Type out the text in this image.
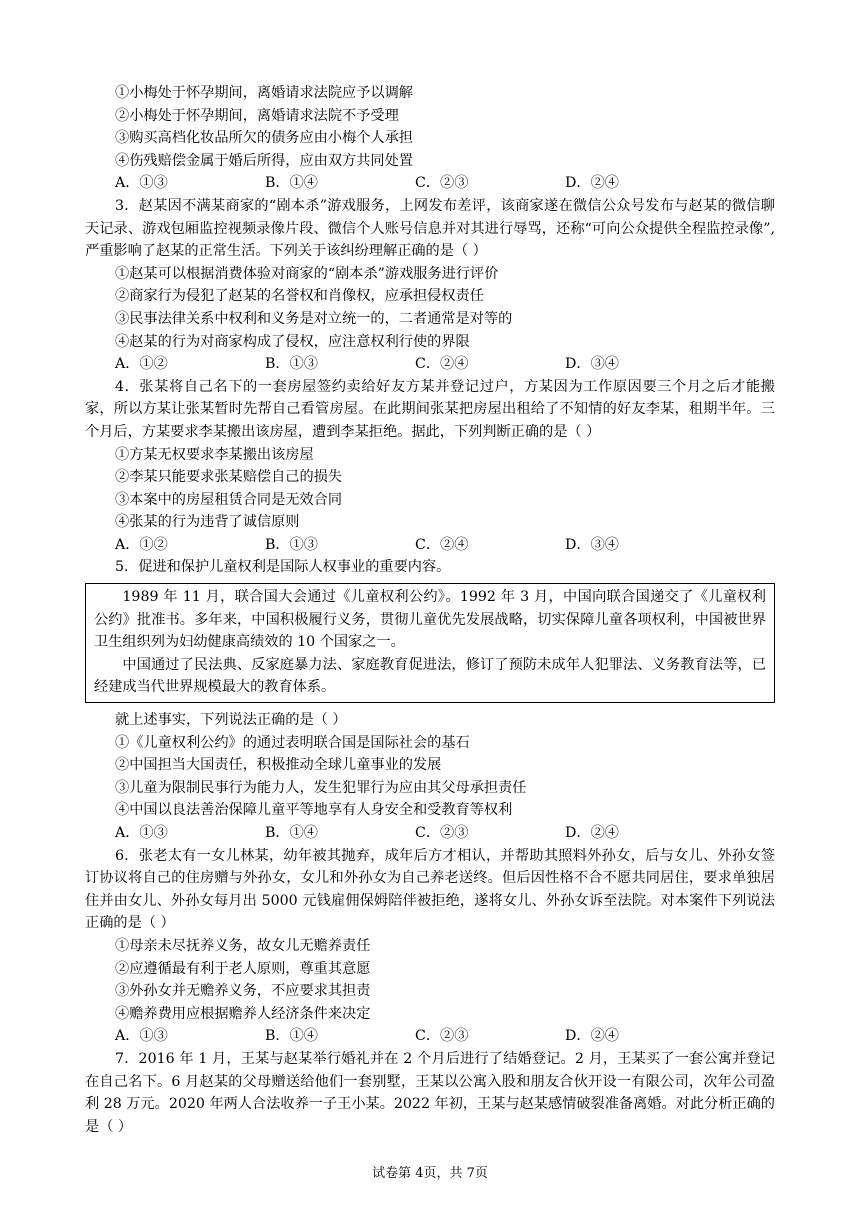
①小梅处于怀孕期间，离婚请求法院应予以调解
②小梅处于怀孕期间，离婚请求法院不予受理
③购买高档化妆品所欠的债务应由小梅个人承担
④伤残赔偿金属于婚后所得，应由双方共同处置
A．①③	B．①④	C．②③	D．②④
3．赵某因不满某商家的“剧本杀”游戏服务，上网发布差评，该商家遂在微信公众号发布与赵某的微信聊天记录、游戏包厢监控视频录像片段、微信个人账号信息并对其进行辱骂，还称“可向公众提供全程监控录像”,严重影响了赵某的正常生活。下列关于该纠纷理解正确的是（ ）
①赵某可以根据消费体验对商家的“剧本杀”游戏服务进行评价
②商家行为侵犯了赵某的名誉权和肖像权，应承担侵权责任
③民事法律关系中权利和义务是对立统一的，二者通常是对等的
④赵某的行为对商家构成了侵权，应注意权利行使的界限
A．①②	B．①③	C．②④	D．③④
4．张某将自己名下的一套房屋签约卖给好友方某并登记过户，方某因为工作原因要三个月之后才能搬家，所以方某让张某暂时先帮自己看管房屋。在此期间张某把房屋出租给了不知情的好友李某，租期半年。三个月后，方某要求李某搬出该房屋，遭到李某拒绝。据此，下列判断正确的是（ ）
①方某无权要求李某搬出该房屋
②李某只能要求张某赔偿自己的损失
③本案中的房屋租赁合同是无效合同
④张某的行为违背了诚信原则
A．①②	B．①③	C．②④	D．③④
5．促进和保护儿童权利是国际人权事业的重要内容。
1989 年 11 月，联合国大会通过《儿童权利公约》。1992 年 3 月，中国向联合国递交了《儿童权利公约》批准书。多年来，中国积极履行义务，贯彻儿童优先发展战略，切实保障儿童各项权利，中国被世界卫生组织列为妇幼健康高绩效的 10 个国家之一。
中国通过了民法典、反家庭暴力法、家庭教育促进法，修订了预防未成年人犯罪法、义务教育法等，已经建成当代世界规模最大的教育体系。
就上述事实，下列说法正确的是（ ）
①《儿童权利公约》的通过表明联合国是国际社会的基石
②中国担当大国责任，积极推动全球儿童事业的发展
③儿童为限制民事行为能力人，发生犯罪行为应由其父母承担责任
④中国以良法善治保障儿童平等地享有人身安全和受教育等权利
A．①③	B．①④	C．②③	D．②④
6．张老太有一女儿林某，幼年被其抛弃，成年后方才相认，并帮助其照料外孙女，后与女儿、外孙女签订协议将自己的住房赠与外孙女，女儿和外孙女为自己养老送终。但后因性格不合不愿共同居住，要求单独居住并由女儿、外孙女每月出 5000 元钱雇佣保姆陪伴被拒绝，遂将女儿、外孙女诉至法院。对本案件下列说法正确的是（ ）
①母亲未尽抚养义务，故女儿无赡养责任
②应遵循最有利于老人原则，尊重其意愿
③外孙女并无赡养义务，不应要求其担责
④赡养费用应根据赡养人经济条件来决定
A．①③	B．①④	C．②③	D．②④
7．2016 年 1 月，王某与赵某举行婚礼并在 2 个月后进行了结婚登记。2 月，王某买了一套公寓并登记在自己名下。6 月赵某的父母赠送给他们一套别墅，王某以公寓入股和朋友合伙开设一有限公司，次年公司盈利 28 万元。2020 年两人合法收养一子王小某。2022 年初，王某与赵某感情破裂准备离婚。对此分析正确的是（ ）
试卷第 4页，共 7页
